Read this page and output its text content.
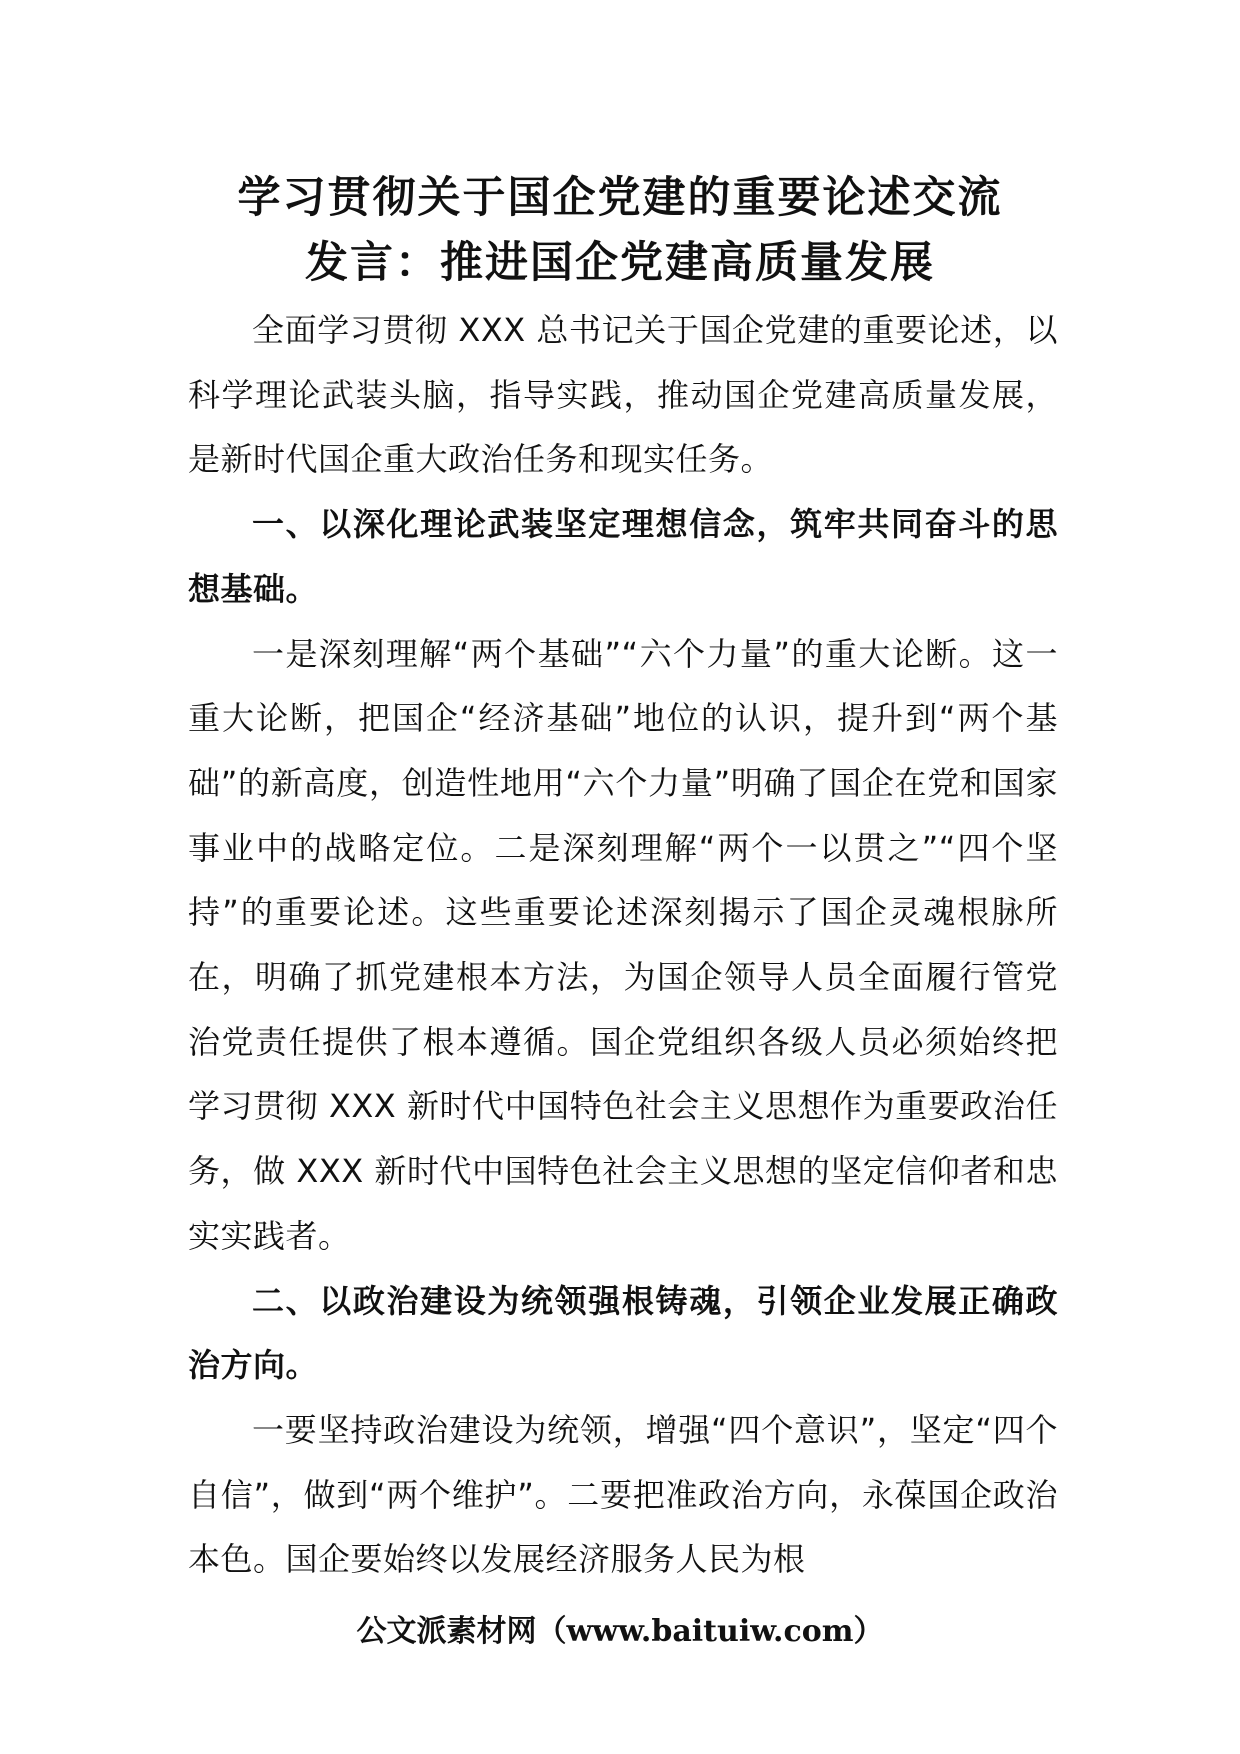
学习贯彻关于国企党建的重要论述交流
发言：推进国企党建高质量发展

全面学习贯彻 XXX 总书记关于国企党建的重要论述，以科学理论武装头脑，指导实践，推动国企党建高质量发展，是新时代国企重大政治任务和现实任务。

一、以深化理论武装坚定理想信念，筑牢共同奋斗的思想基础。

一是深刻理解“两个基础”“六个力量”的重大论断。这一重大论断，把国企“经济基础”地位的认识，提升到“两个基础”的新高度，创造性地用“六个力量”明确了国企在党和国家事业中的战略定位。二是深刻理解“两个一以贯之”“四个坚持”的重要论述。这些重要论述深刻揭示了国企灵魂根脉所在，明确了抓党建根本方法，为国企领导人员全面履行管党治党责任提供了根本遵循。国企党组织各级人员必须始终把学习贯彻 XXX 新时代中国特色社会主义思想作为重要政治任务，做 XXX 新时代中国特色社会主义思想的坚定信仰者和忠实实践者。

二、以政治建设为统领强根铸魂，引领企业发展正确政治方向。

一要坚持政治建设为统领，增强“四个意识”，坚定“四个自信”，做到“两个维护”。二要把准政治方向，永葆国企政治本色。国企要始终以发展经济服务人民为根

公文派素材网（www.baituiw.com）
